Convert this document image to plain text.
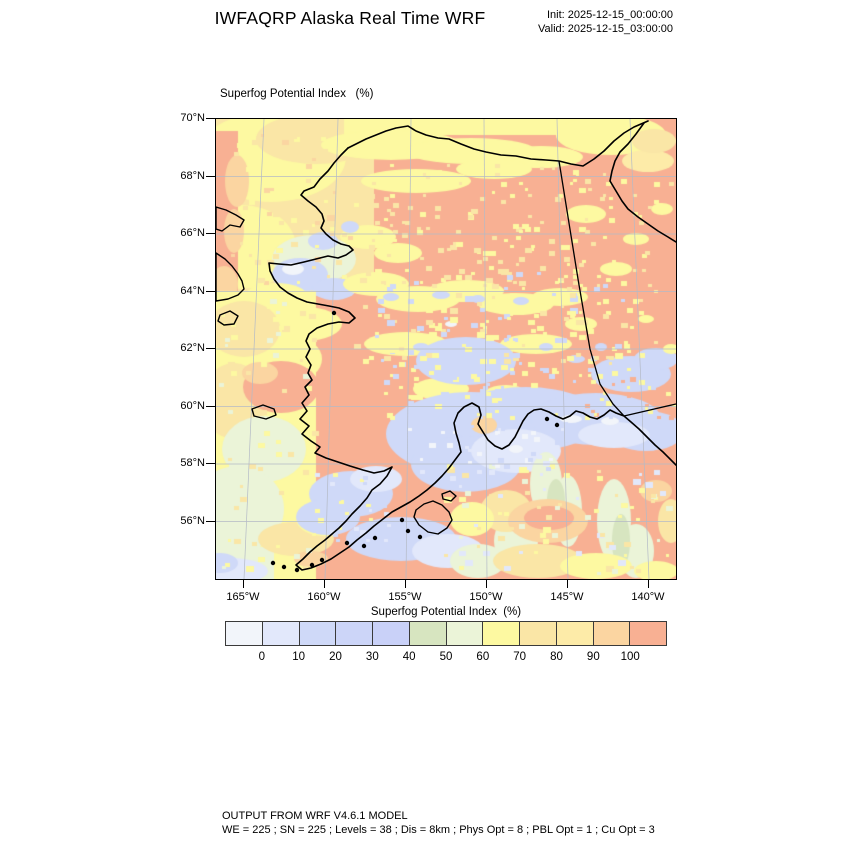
IWFAQRP Alaska Real Time WRF	Init: 2025-12-15_00:00:00
Valid: 2025-12-15_03:00:00
Superfog Potential Index   (%)
70°N
68°N
66°N
64°N
62°N
60°N
58°N
56°N
165°W	160°W	155°W	150°W	145°W	140°W
Superfog Potential Index  (%)
0	10	20	30	40	50	60	70	80	90	100
OUTPUT FROM WRF V4.6.1 MODEL
WE = 225 ; SN = 225 ; Levels = 38 ; Dis = 8km ; Phys Opt = 8 ; PBL Opt = 1 ; Cu Opt = 3
